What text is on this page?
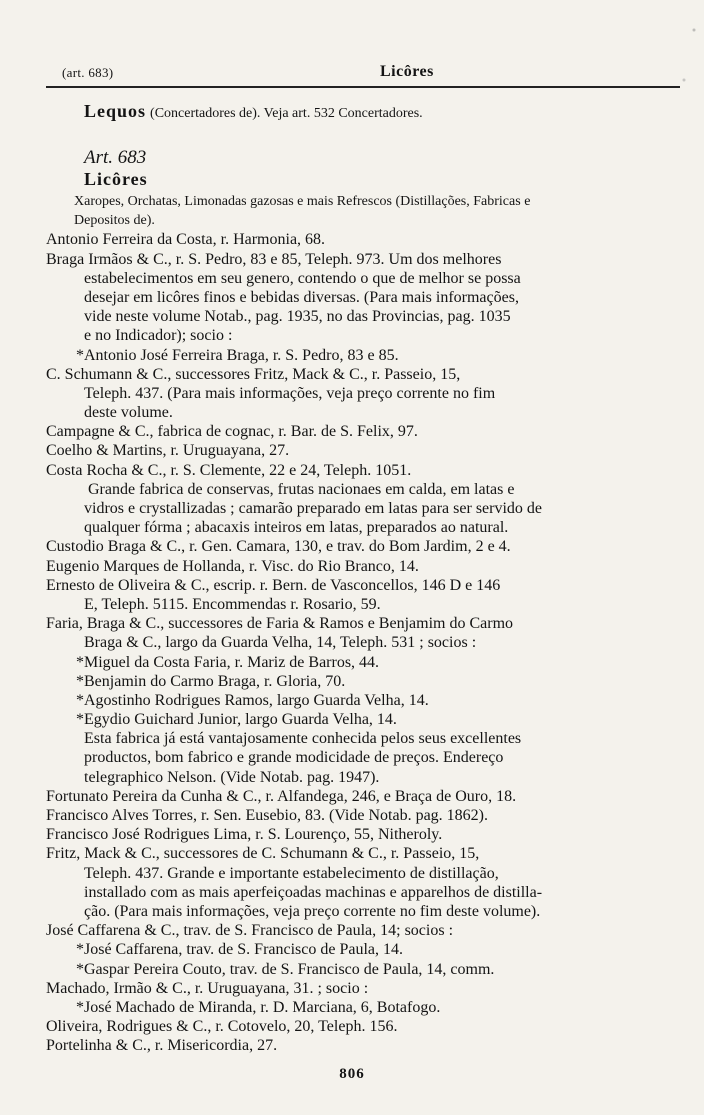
(art. 683)	Licôres
Lequos (Concertadores de). Veja art. 532 Concertadores.
Art. 683
Licôres
Xaropes, Orchatas, Limonadas gazosas e mais Refrescos (Distillações, Fabricas e
Depositos de).
Antonio Ferreira da Costa, r. Harmonia, 68.
Braga Irmãos & C., r. S. Pedro, 83 e 85, Teleph. 973. Um dos melhores
estabelecimentos em seu genero, contendo o que de melhor se possa
desejar em licôres finos e bebidas diversas. (Para mais informações,
vide neste volume Notab., pag. 1935, no das Provincias, pag. 1035
e no Indicador); socio :
*Antonio José Ferreira Braga, r. S. Pedro, 83 e 85.
C. Schumann & C., successores Fritz, Mack & C., r. Passeio, 15,
Teleph. 437. (Para mais informações, veja preço corrente no fim
deste volume.
Campagne & C., fabrica de cognac, r. Bar. de S. Felix, 97.
Coelho & Martins, r. Uruguayana, 27.
Costa Rocha & C., r. S. Clemente, 22 e 24, Teleph. 1051.
Grande fabrica de conservas, frutas nacionaes em calda, em latas e
vidros e crystallizadas ; camarão preparado em latas para ser servido de
qualquer fórma ; abacaxis inteiros em latas, preparados ao natural.
Custodio Braga & C., r. Gen. Camara, 130, e trav. do Bom Jardim, 2 e 4.
Eugenio Marques de Hollanda, r. Visc. do Rio Branco, 14.
Ernesto de Oliveira & C., escrip. r. Bern. de Vasconcellos, 146 D e 146
E, Teleph. 5115. Encommendas r. Rosario, 59.
Faria, Braga & C., successores de Faria & Ramos e Benjamim do Carmo
Braga & C., largo da Guarda Velha, 14, Teleph. 531 ; socios :
*Miguel da Costa Faria, r. Mariz de Barros, 44.
*Benjamin do Carmo Braga, r. Gloria, 70.
*Agostinho Rodrigues Ramos, largo Guarda Velha, 14.
*Egydio Guichard Junior, largo Guarda Velha, 14.
Esta fabrica já está vantajosamente conhecida pelos seus excellentes
productos, bom fabrico e grande modicidade de preços. Endereço
telegraphico Nelson. (Vide Notab. pag. 1947).
Fortunato Pereira da Cunha & C., r. Alfandega, 246, e Braça de Ouro, 18.
Francisco Alves Torres, r. Sen. Eusebio, 83. (Vide Notab. pag. 1862).
Francisco José Rodrigues Lima, r. S. Lourenço, 55, Nitheroly.
Fritz, Mack & C., successores de C. Schumann & C., r. Passeio, 15,
Teleph. 437. Grande e importante estabelecimento de distillação,
installado com as mais aperfeiçoadas machinas e apparelhos de distilla-
ção. (Para mais informações, veja preço corrente no fim deste volume).
José Caffarena & C., trav. de S. Francisco de Paula, 14; socios :
*José Caffarena, trav. de S. Francisco de Paula, 14.
*Gaspar Pereira Couto, trav. de S. Francisco de Paula, 14, comm.
Machado, Irmão & C., r. Uruguayana, 31. ; socio :
*José Machado de Miranda, r. D. Marciana, 6, Botafogo.
Oliveira, Rodrigues & C., r. Cotovelo, 20, Teleph. 156.
Portelinha & C., r. Misericordia, 27.
806
